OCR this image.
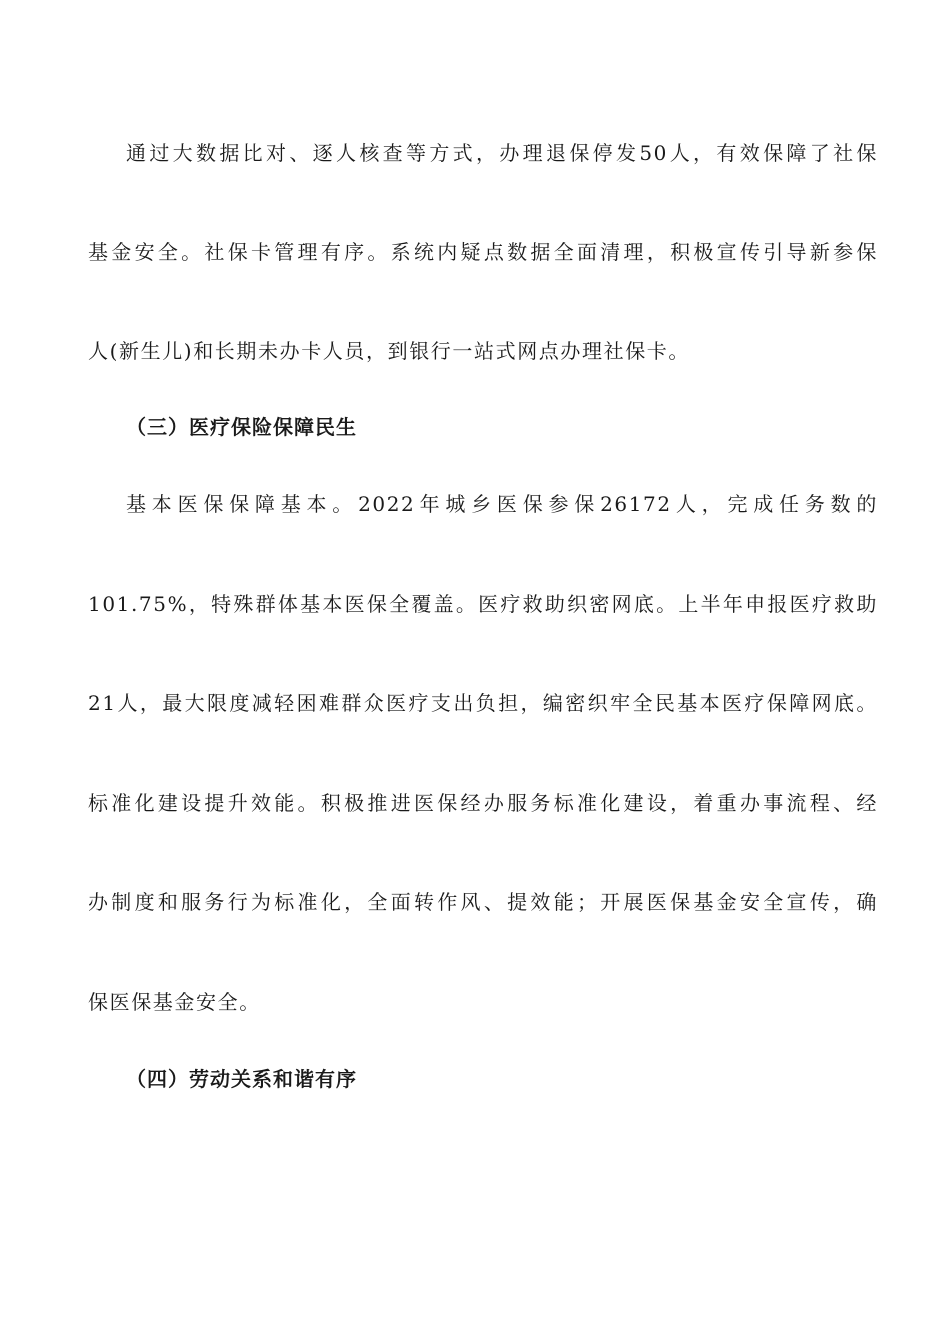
通过大数据比对、逐人核查等方式，办理退保停发50人，有效保障了社保
基金安全。社保卡管理有序。系统内疑点数据全面清理，积极宣传引导新参保
人(新生儿)和长期未办卡人员，到银行一站式网点办理社保卡。
（三）医疗保险保障民生
基本医保保障基本。2022年城乡医保参保26172人，完成任务数的
101.75%，特殊群体基本医保全覆盖。医疗救助织密网底。上半年申报医疗救助
21人，最大限度减轻困难群众医疗支出负担，编密织牢全民基本医疗保障网底。
标准化建设提升效能。积极推进医保经办服务标准化建设，着重办事流程、经
办制度和服务行为标准化，全面转作风、提效能；开展医保基金安全宣传，确
保医保基金安全。
（四）劳动关系和谐有序
